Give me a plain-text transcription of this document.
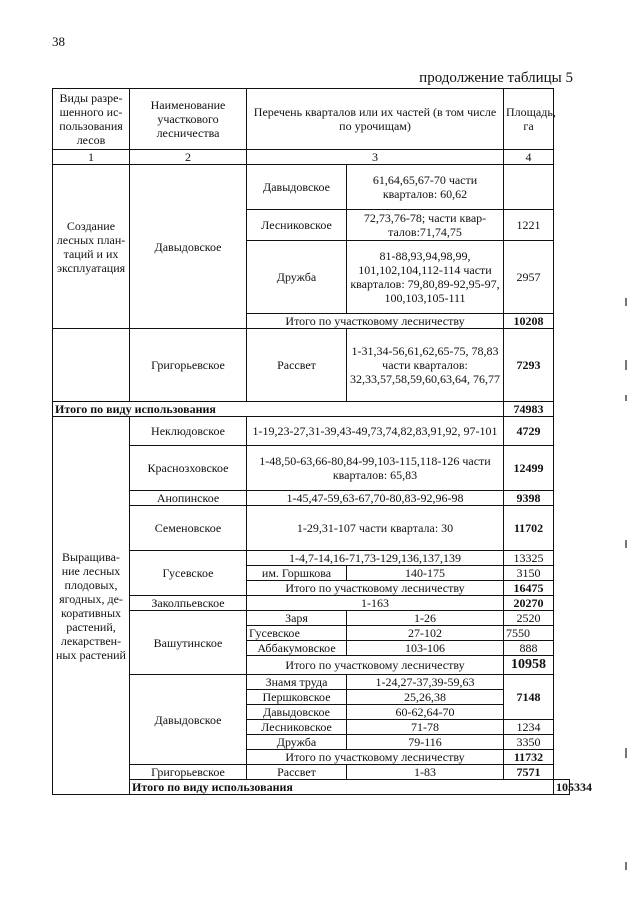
38
продолжение таблицы 5
Виды разре-шенного ис-пользования лесов	Наименование участкового лесничества	Перечень кварталов или их частей (в том числе по урочищам)		Площадь, га	
1	2	3		4	
Создание лесных план-таций и их эксплуатация	Давыдовское	Давыдовское	61,64,65,67-70 части кварталов: 60,62		
		Лесниковское	72,73,76-78; части квар-талов:71,74,75	1221	
		Дружба	81-88,93,94,98,99, 101,102,104,112-114 части кварталов: 79,80,89-92,95-97, 100,103,105-111	2957	
		Итого по участковому лесничеству		10208	
	Григорьевское	Рассвет	1-31,34-56,61,62,65-75, 78,83 части кварталов: 32,33,57,58,59,60,63,64, 76,77	7293	
Итого по виду использования				74983	
Выращива-ние лесных плодовых, ягодных, де-коративных растений, лекарствен-ных растений	Неклюдовское	1-19,23-27,31-39,43-49,73,74,82,83,91,92, 97-101		4729	
	Краснозховское	1-48,50-63,66-80,84-99,103-115,118-126 части кварталов: 65,83		12499	
	Анопинское	1-45,47-59,63-67,70-80,83-92,96-98		9398	
	Семеновское	1-29,31-107 части квартала: 30		11702	
	Гусевское	1-4,7-14,16-71,73-129,136,137,139		13325	
		им. Горшкова	140-175	3150	
		Итого по участковому лесничеству		16475	
	Заколпьевское	1-163		20270	
	Вашутинское	Заря	1-26	2520	
		Гусевское	27-102	7550	
		Аббакумовское	103-106	888	
		Итого по участковому лесничеству		10958	
	Давыдовское	Знамя труда	1-24,27-37,39-59,63	7148	
		Першковское	25,26,38		
		Давыдовское	60-62,64-70		
		Лесниковское	71-78	1234	
		Дружба	79-116	3350	
		Итого по участковому лесничеству		11732	
	Григорьевское	Рассвет	1-83	7571	
	Итого по виду использования				105334
